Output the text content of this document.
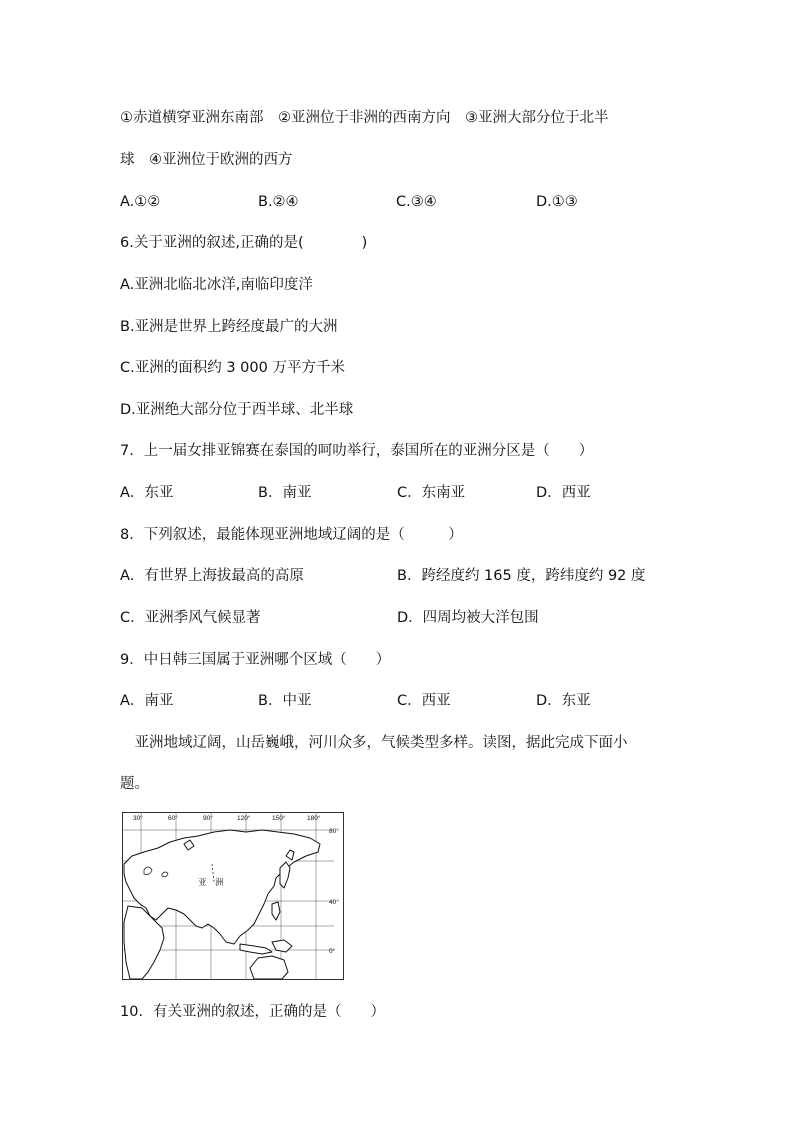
①赤道横穿亚洲东南部　②亚洲位于非洲的西南方向　③亚洲大部分位于北半
球　④亚洲位于欧洲的西方
A.①②	B.②④	C.③④	D.①③
6.关于亚洲的叙述,正确的是(　　　　)
A.亚洲北临北冰洋,南临印度洋
B.亚洲是世界上跨经度最广的大洲
C.亚洲的面积约 3 000 万平方千米
D.亚洲绝大部分位于西半球、北半球
7．上一届女排亚锦赛在泰国的呵叻举行，泰国所在的亚洲分区是（　　）
A．东亚	B．南亚	C．东南亚	D．西亚
8．下列叙述，最能体现亚洲地域辽阔的是（　　　）
A．有世界上海拔最高的高原	B．跨经度约 165 度，跨纬度约 92 度
C．亚洲季风气候显著	D．四周均被大洋包围
9．中日韩三国属于亚洲哪个区域（　　）
A．南亚	B．中亚	C．西亚	D．东亚
　亚洲地域辽阔，山岳巍峨，河川众多，气候类型多样。读图，据此完成下面小
题。
30°	60°	90°	120°	150°	180°
80°
40°
0°
亚　洲
10．有关亚洲的叙述，正确的是（　　）
